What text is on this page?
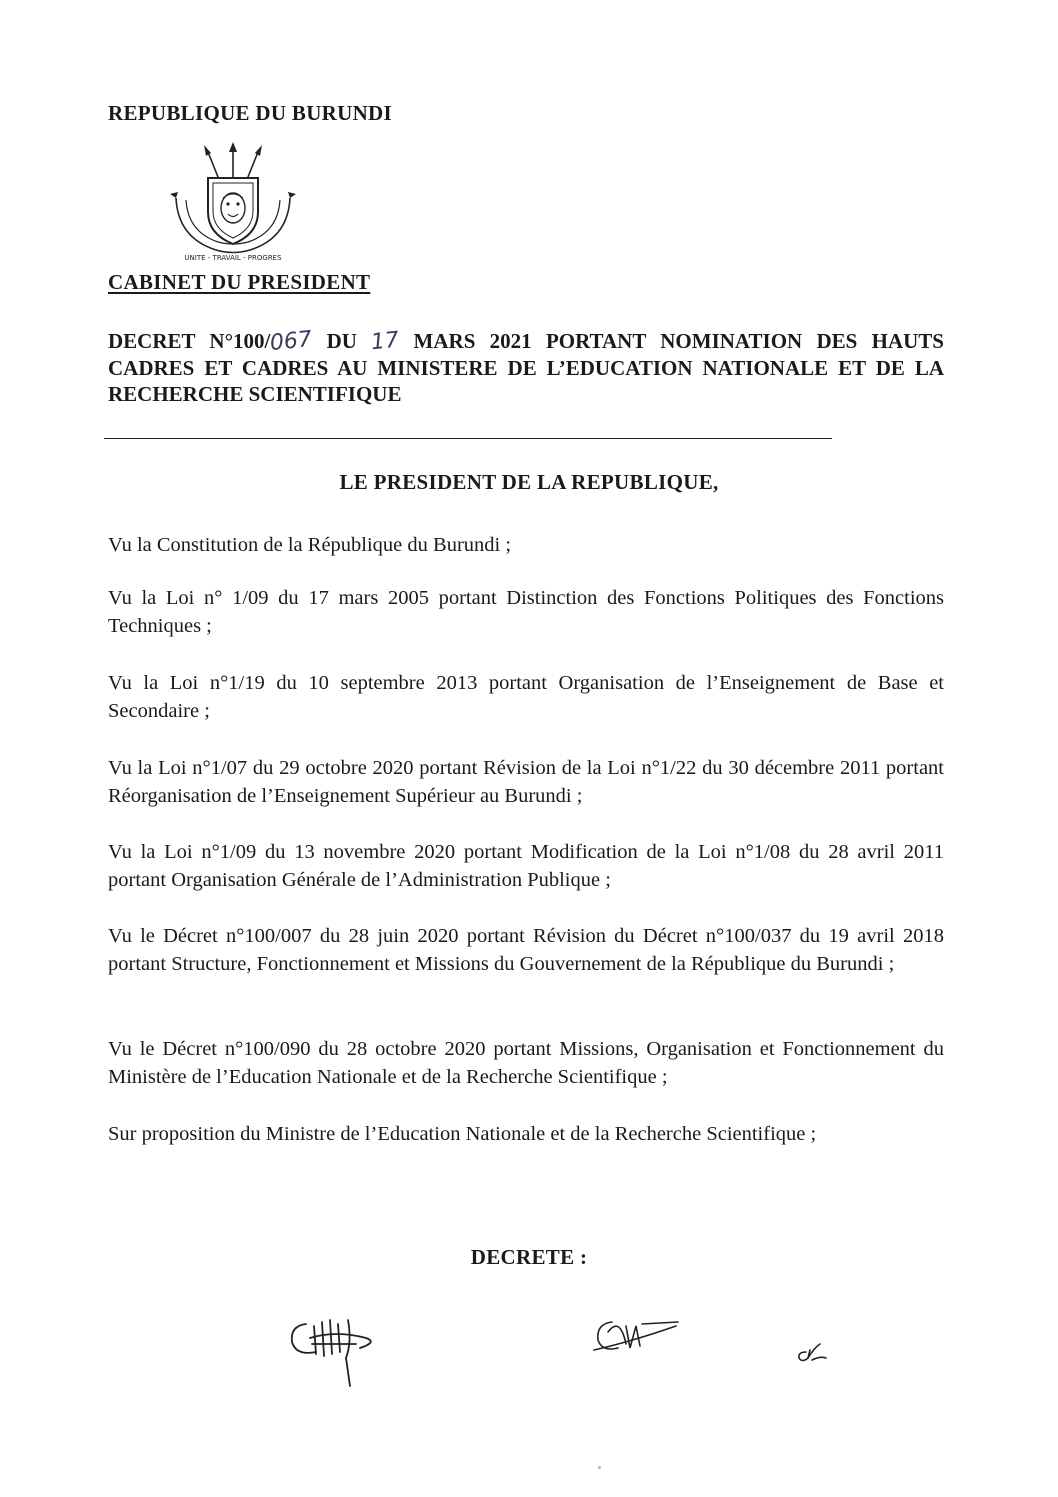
REPUBLIQUE DU BURUNDI
UNITE - TRAVAIL - PROGRES
CABINET DU PRESIDENT
DECRET N°100/067 DU 17 MARS 2021 PORTANT NOMINATION DES HAUTS CADRES ET CADRES AU MINISTERE DE L’EDUCATION NATIONALE ET DE LA RECHERCHE SCIENTIFIQUE
LE PRESIDENT DE LA REPUBLIQUE,

Vu la Constitution de la République du Burundi ;

Vu la Loi n° 1/09 du 17 mars 2005 portant Distinction des Fonctions Politiques des Fonctions Techniques ;

Vu la Loi n°1/19 du 10 septembre 2013 portant Organisation de l’Enseignement de Base et Secondaire ;

Vu la Loi n°1/07 du 29 octobre 2020 portant Révision de la Loi n°1/22 du 30 décembre 2011 portant Réorganisation de l’Enseignement Supérieur au Burundi ;

Vu la Loi n°1/09 du 13 novembre 2020 portant Modification de la Loi n°1/08 du 28 avril 2011 portant Organisation Générale de l’Administration Publique ;

Vu le Décret n°100/007 du 28 juin 2020 portant Révision du Décret n°100/037 du 19 avril 2018 portant Structure, Fonctionnement et Missions du Gouvernement de la République du Burundi ;

Vu le Décret n°100/090 du 28 octobre 2020 portant Missions, Organisation et Fonctionnement du Ministère de l’Education Nationale et de la Recherche Scientifique ;

Sur proposition du Ministre de l’Education Nationale et de la Recherche Scientifique ;

DECRETE :
